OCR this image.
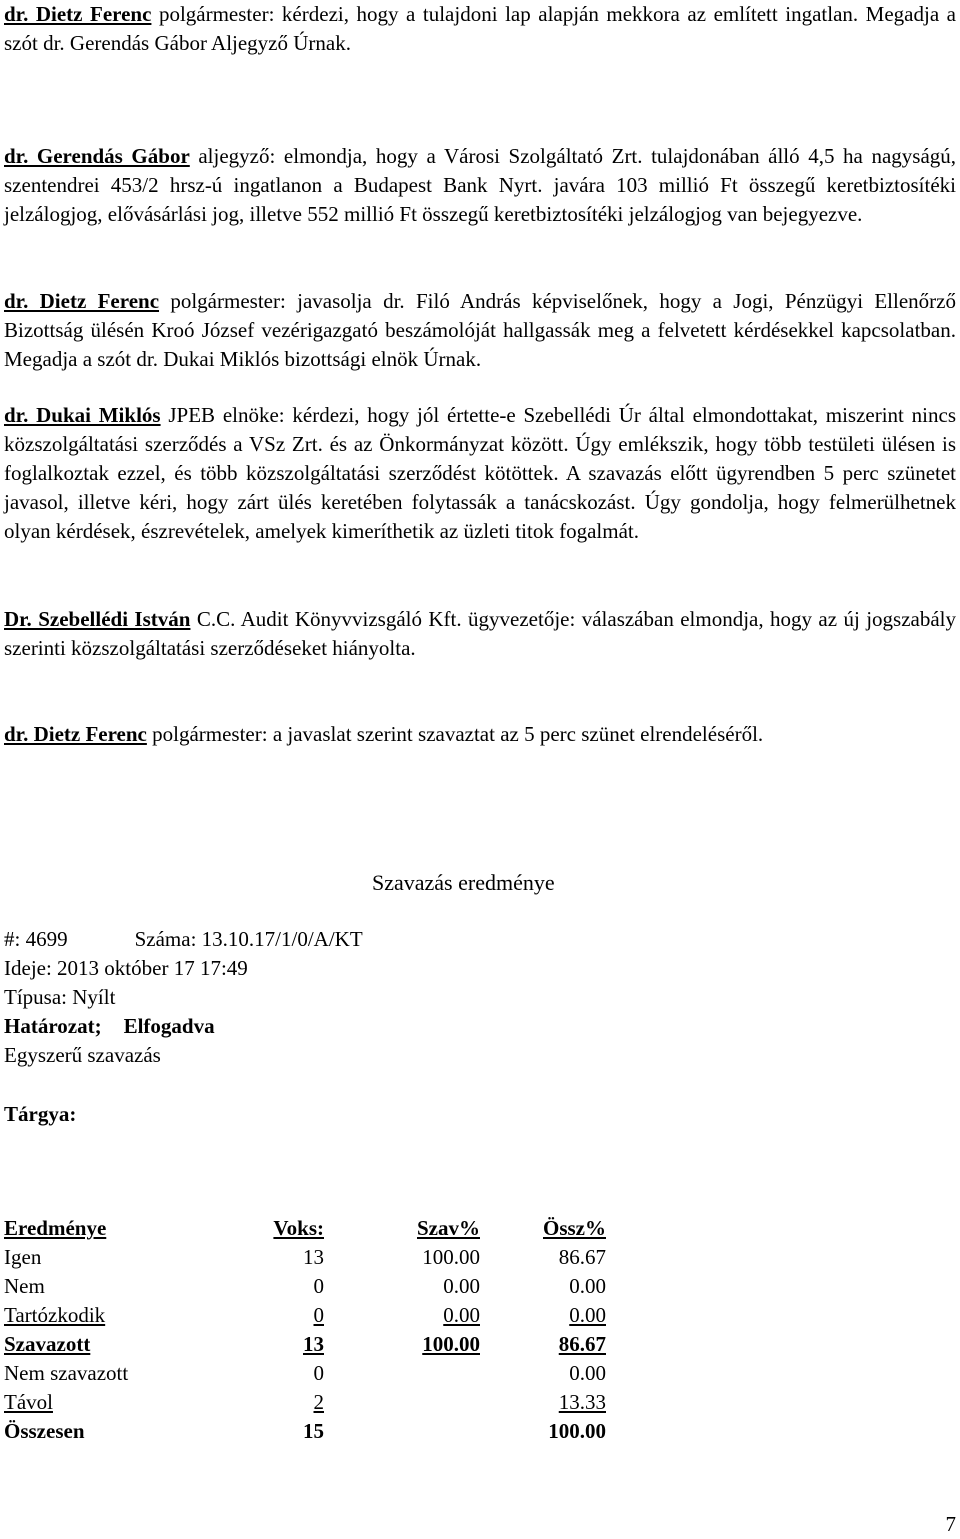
dr. Dietz Ferenc polgármester: kérdezi, hogy a tulajdoni lap alapján mekkora az említett ingatlan. Megadja a szót dr. Gerendás Gábor Aljegyző Úrnak.

dr. Gerendás Gábor aljegyző: elmondja, hogy a Városi Szolgáltató Zrt. tulajdonában álló 4,5 ha nagyságú, szentendrei 453/2 hrsz-ú ingatlanon a Budapest Bank Nyrt. javára 103 millió Ft összegű keretbiztosítéki jelzálogjog, elővásárlási jog, illetve 552 millió Ft összegű keretbiztosítéki jelzálogjog van bejegyezve.

dr. Dietz Ferenc polgármester: javasolja dr. Filó András képviselőnek, hogy a Jogi, Pénzügyi Ellenőrző Bizottság ülésén Kroó József vezérigazgató beszámolóját hallgassák meg a felvetett kérdésekkel kapcsolatban. Megadja a szót dr. Dukai Miklós bizottsági elnök Úrnak.

dr. Dukai Miklós JPEB elnöke: kérdezi, hogy jól értette-e Szebellédi Úr által elmondottakat, miszerint nincs közszolgáltatási szerződés a VSz Zrt. és az Önkormányzat között. Úgy emlékszik, hogy több testületi ülésen is foglalkoztak ezzel, és több közszolgáltatási szerződést kötöttek. A szavazás előtt ügyrendben 5 perc szünetet javasol, illetve kéri, hogy zárt ülés keretében folytassák a tanácskozást. Úgy gondolja, hogy felmerülhetnek olyan kérdések, észrevételek, amelyek kimeríthetik az üzleti titok fogalmát.

Dr. Szebellédi István C.C. Audit Könyvvizsgáló Kft. ügyvezetője: válaszában elmondja, hogy az új jogszabály szerinti közszolgáltatási szerződéseket hiányolta.

dr. Dietz Ferenc polgármester: a javaslat szerint szavaztat az 5 perc szünet elrendeléséről.

Szavazás eredménye
#: 4699	Száma: 13.10.17/1/0/A/KT
Ideje: 2013 október 17 17:49
Típusa: Nyílt
Határozat; Elfogadva
Egyszerű szavazás
Tárgya:
Eredménye	Voks:	Szav%	Össz%
Igen	13	100.00	86.67
Nem	0	0.00	0.00
Tartózkodik	0	0.00	0.00
Szavazott	13	100.00	86.67
Nem szavazott	0		0.00
Távol	2		13.33
Összesen	15		100.00
7
